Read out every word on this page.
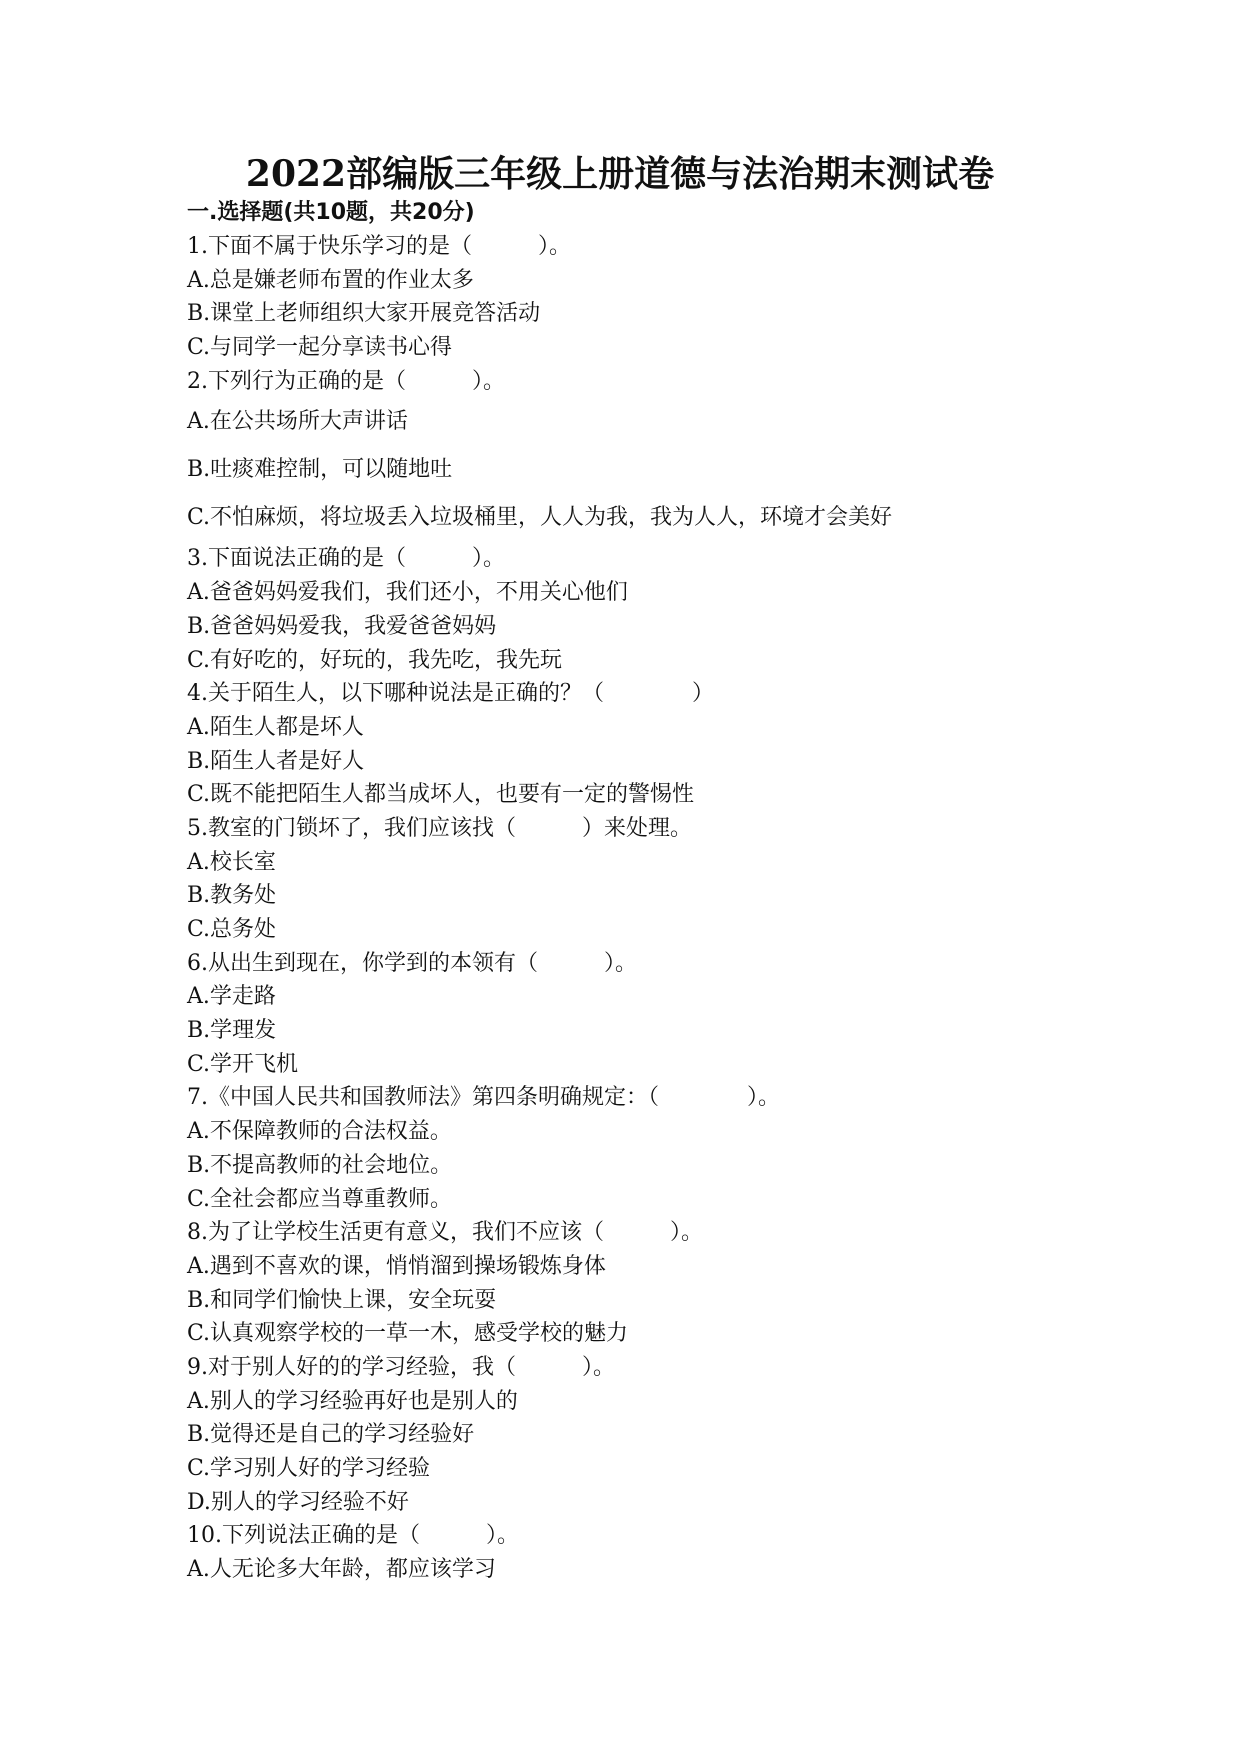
2022部编版三年级上册道德与法治期末测试卷
一.选择题(共10题，共20分)
1.下面不属于快乐学习的是（　　　）。
A.总是嫌老师布置的作业太多
B.课堂上老师组织大家开展竞答活动
C.与同学一起分享读书心得
2.下列行为正确的是（　　　）。
A.在公共场所大声讲话
B.吐痰难控制，可以随地吐
C.不怕麻烦，将垃圾丢入垃圾桶里，人人为我，我为人人，环境才会美好
3.下面说法正确的是（　　　）。
A.爸爸妈妈爱我们，我们还小，不用关心他们
B.爸爸妈妈爱我，我爱爸爸妈妈
C.有好吃的，好玩的，我先吃，我先玩
4.关于陌生人，以下哪种说法是正确的？（　　　　）
A.陌生人都是坏人
B.陌生人者是好人
C.既不能把陌生人都当成坏人，也要有一定的警惕性
5.教室的门锁坏了，我们应该找（　　　）来处理。
A.校长室
B.教务处
C.总务处
6.从出生到现在，你学到的本领有（　　　）。
A.学走路
B.学理发
C.学开飞机
7.《中国人民共和国教师法》第四条明确规定：（　　　　）。
A.不保障教师的合法权益。
B.不提高教师的社会地位。
C.全社会都应当尊重教师。
8.为了让学校生活更有意义，我们不应该（　　　）。
A.遇到不喜欢的课，悄悄溜到操场锻炼身体
B.和同学们愉快上课，安全玩耍
C.认真观察学校的一草一木，感受学校的魅力
9.对于别人好的的学习经验，我（　　　）。
A.别人的学习经验再好也是别人的
B.觉得还是自己的学习经验好
C.学习别人好的学习经验
D.别人的学习经验不好
10.下列说法正确的是（　　　）。
A.人无论多大年龄，都应该学习
